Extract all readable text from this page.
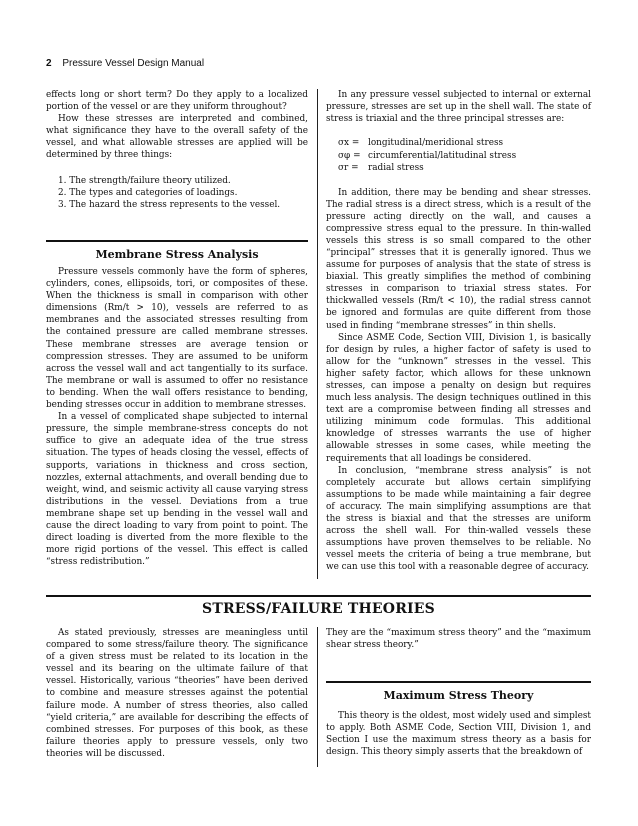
2 Pressure Vessel Design Manual

effects long or short term? Do they apply to a localized portion of the vessel or are they uniform throughout?

How these stresses are interpreted and combined, what significance they have to the overall safety of the vessel, and what allowable stresses are applied will be determined by three things:

1. The strength/failure theory utilized.
2. The types and categories of loadings.
3. The hazard the stress represents to the vessel.
Membrane Stress Analysis

Pressure vessels commonly have the form of spheres, cylinders, cones, ellipsoids, tori, or composites of these. When the thickness is small in comparison with other dimensions (Rm/t > 10), vessels are referred to as membranes and the associated stresses resulting from the contained pressure are called membrane stresses. These membrane stresses are average tension or compression stresses. They are assumed to be uniform across the vessel wall and act tangentially to its surface. The membrane or wall is assumed to offer no resistance to bending. When the wall offers resistance to bending, bending stresses occur in addition to membrane stresses.

In a vessel of complicated shape subjected to internal pressure, the simple membrane-stress concepts do not suffice to give an adequate idea of the true stress situation. The types of heads closing the vessel, effects of supports, variations in thickness and cross section, nozzles, external attachments, and overall bending due to weight, wind, and seismic activity all cause varying stress distributions in the vessel. Deviations from a true membrane shape set up bending in the vessel wall and cause the direct loading to vary from point to point. The direct loading is diverted from the more flexible to the more rigid portions of the vessel. This effect is called “stress redistribution.”

In any pressure vessel subjected to internal or external pressure, stresses are set up in the shell wall. The state of stress is triaxial and the three principal stresses are:

σx = longitudinal/meridional stress
σφ = circumferential/latitudinal stress
σr = radial stress

In addition, there may be bending and shear stresses. The radial stress is a direct stress, which is a result of the pressure acting directly on the wall, and causes a compressive stress equal to the pressure. In thin-walled vessels this stress is so small compared to the other “principal” stresses that it is generally ignored. Thus we assume for purposes of analysis that the state of stress is biaxial. This greatly simplifies the method of combining stresses in comparison to triaxial stress states. For thickwalled vessels (Rm/t < 10), the radial stress cannot be ignored and formulas are quite different from those used in finding “membrane stresses” in thin shells.

Since ASME Code, Section VIII, Division 1, is basically for design by rules, a higher factor of safety is used to allow for the “unknown” stresses in the vessel. This higher safety factor, which allows for these unknown stresses, can impose a penalty on design but requires much less analysis. The design techniques outlined in this text are a compromise between finding all stresses and utilizing minimum code formulas. This additional knowledge of stresses warrants the use of higher allowable stresses in some cases, while meeting the requirements that all loadings be considered.

In conclusion, “membrane stress analysis” is not completely accurate but allows certain simplifying assumptions to be made while maintaining a fair degree of accuracy. The main simplifying assumptions are that the stress is biaxial and that the stresses are uniform across the shell wall. For thin-walled vessels these assumptions have proven themselves to be reliable. No vessel meets the criteria of being a true membrane, but we can use this tool with a reasonable degree of accuracy.

STRESS/FAILURE THEORIES

As stated previously, stresses are meaningless until compared to some stress/failure theory. The significance of a given stress must be related to its location in the vessel and its bearing on the ultimate failure of that vessel. Historically, various “theories” have been derived to combine and measure stresses against the potential failure mode. A number of stress theories, also called “yield criteria,” are available for describing the effects of combined stresses. For purposes of this book, as these failure theories apply to pressure vessels, only two theories will be discussed.

They are the “maximum stress theory” and the “maximum shear stress theory.”

Maximum Stress Theory

This theory is the oldest, most widely used and simplest to apply. Both ASME Code, Section VIII, Division 1, and Section I use the maximum stress theory as a basis for design. This theory simply asserts that the breakdown of
